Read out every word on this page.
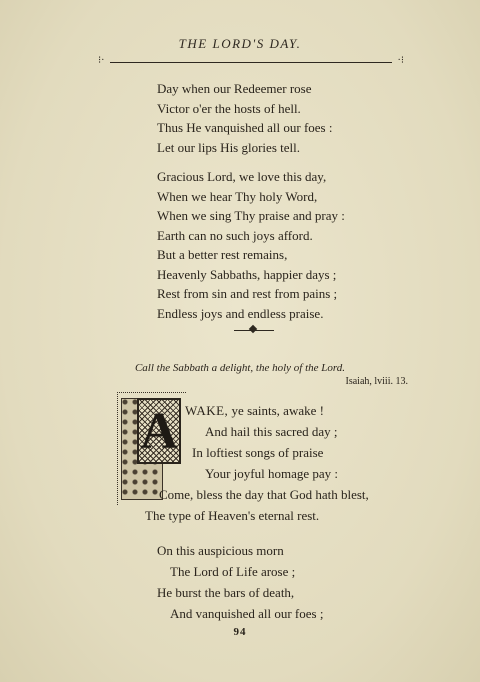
THE LORD'S DAY.
⁝·	·⁝
Day when our Redeemer rose
Victor o'er the hosts of hell.
Thus He vanquished all our foes :
Let our lips His glories tell.
Gracious Lord, we love this day,
When we hear Thy holy Word,
When we sing Thy praise and pray :
Earth can no such joys afford.
But a better rest remains,
Heavenly Sabbaths, happier days ;
Rest from sin and rest from pains ;
Endless joys and endless praise.
Call the Sabbath a delight, the holy of the Lord.
Isaiah, lviii. 13.
A WAKE, ye saints, awake !
And hail this sacred day ;
In loftiest songs of praise
Your joyful homage pay :
Come, bless the day that God hath blest,
The type of Heaven's eternal rest.
On this auspicious morn
The Lord of Life arose ;
He burst the bars of death,
And vanquished all our foes ;
94
